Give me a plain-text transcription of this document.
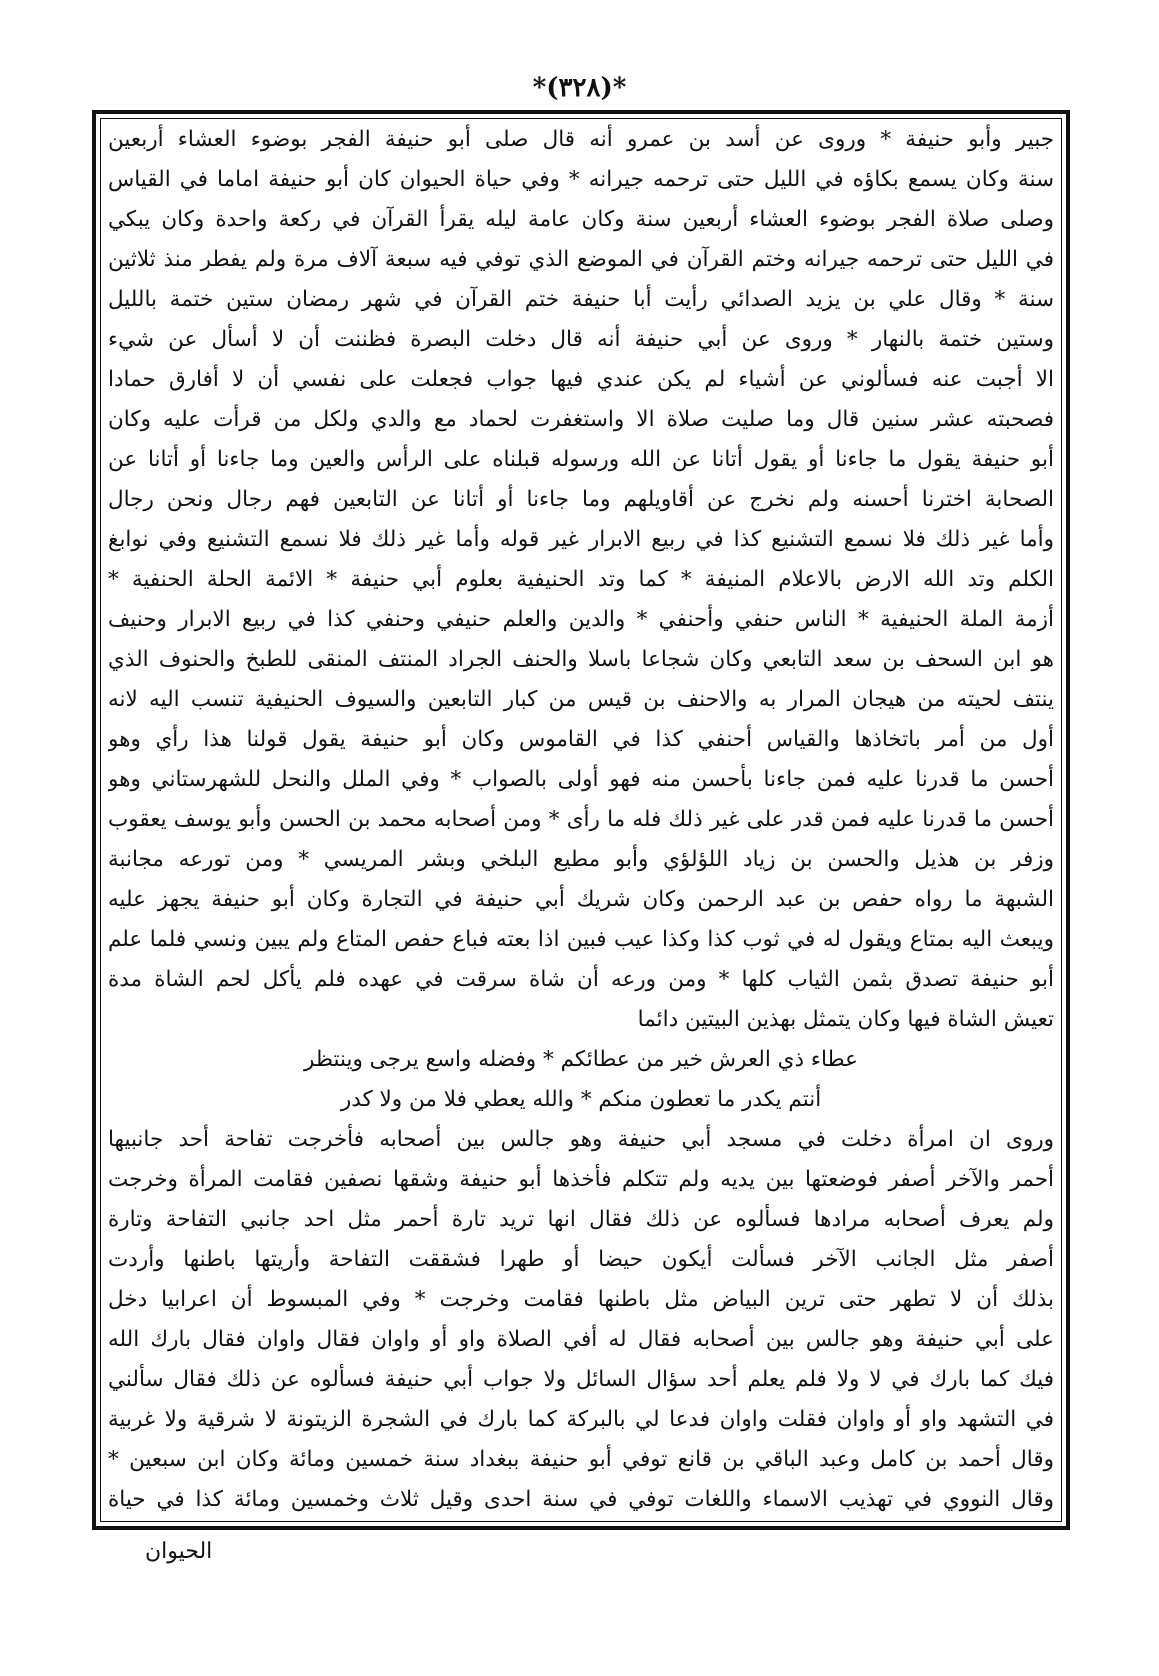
*(٣٢٨)*
جبير وأبو حنيفة * وروى عن أسد بن عمرو أنه قال صلى أبو حنيفة الفجر بوضوء العشاء أربعين
سنة وكان يسمع بكاؤه في الليل حتى ترحمه جيرانه * وفي حياة الحيوان كان أبو حنيفة اماما في القياس
وصلى صلاة الفجر بوضوء العشاء أربعين سنة وكان عامة ليله يقرأ القرآن في ركعة واحدة وكان يبكي
في الليل حتى ترحمه جيرانه وختم القرآن في الموضع الذي توفي فيه سبعة آلاف مرة ولم يفطر منذ ثلاثين
سنة * وقال علي بن يزيد الصدائي رأيت أبا حنيفة ختم القرآن في شهر رمضان ستين ختمة بالليل
وستين ختمة بالنهار * وروى عن أبي حنيفة أنه قال دخلت البصرة فظننت أن لا أسأل عن شيء
الا أجبت عنه فسألوني عن أشياء لم يكن عندي فيها جواب فجعلت على نفسي أن لا أفارق حمادا
فصحبته عشر سنين قال وما صليت صلاة الا واستغفرت لحماد مع والدي ولكل من قرأت عليه وكان
أبو حنيفة يقول ما جاءنا أو يقول أتانا عن الله ورسوله قبلناه على الرأس والعين وما جاءنا أو أتانا عن
الصحابة اخترنا أحسنه ولم نخرج عن أقاويلهم وما جاءنا أو أتانا عن التابعين فهم رجال ونحن رجال
وأما غير ذلك فلا نسمع التشنيع كذا في ربيع الابرار غير قوله وأما غير ذلك فلا نسمع التشنيع وفي نوابغ
الكلم وتد الله الارض بالاعلام المنيفة * كما وتد الحنيفية بعلوم أبي حنيفة * الائمة الحلة الحنفية *
أزمة الملة الحنيفية * الناس حنفي وأحنفي * والدين والعلم حنيفي وحنفي كذا في ربيع الابرار وحنيف
هو ابن السحف بن سعد التابعي وكان شجاعا باسلا والحنف الجراد المنتف المنقى للطبخ والحنوف الذي
ينتف لحيته من هيجان المرار به والاحنف بن قيس من كبار التابعين والسيوف الحنيفية تنسب اليه لانه
أول من أمر باتخاذها والقياس أحنفي كذا في القاموس وكان أبو حنيفة يقول قولنا هذا رأي وهو
أحسن ما قدرنا عليه فمن جاءنا بأحسن منه فهو أولى بالصواب * وفي الملل والنحل للشهرستاني وهو
أحسن ما قدرنا عليه فمن قدر على غير ذلك فله ما رأى * ومن أصحابه محمد بن الحسن وأبو يوسف يعقوب
وزفر بن هذيل والحسن بن زياد اللؤلؤي وأبو مطيع البلخي وبشر المريسي * ومن تورعه مجانبة
الشبهة ما رواه حفص بن عبد الرحمن وكان شريك أبي حنيفة في التجارة وكان أبو حنيفة يجهز عليه
ويبعث اليه بمتاع ويقول له في ثوب كذا وكذا عيب فبين اذا بعته فباع حفص المتاع ولم يبين ونسي فلما علم
أبو حنيفة تصدق بثمن الثياب كلها * ومن ورعه أن شاة سرقت في عهده فلم يأكل لحم الشاة مدة
تعيش الشاة فيها وكان يتمثل بهذين البيتين دائما
عطاء ذي العرش خير من عطائكم * وفضله واسع يرجى وينتظر
أنتم يكدر ما تعطون منكم * والله يعطي فلا من ولا كدر
وروى ان امرأة دخلت في مسجد أبي حنيفة وهو جالس بين أصحابه فأخرجت تفاحة أحد جانبيها
أحمر والآخر أصفر فوضعتها بين يديه ولم تتكلم فأخذها أبو حنيفة وشقها نصفين فقامت المرأة وخرجت
ولم يعرف أصحابه مرادها فسألوه عن ذلك فقال انها تريد تارة أحمر مثل احد جانبي التفاحة وتارة
أصفر مثل الجانب الآخر فسألت أيكون حيضا أو طهرا فشققت التفاحة وأريتها باطنها وأردت
بذلك أن لا تطهر حتى ترين البياض مثل باطنها فقامت وخرجت * وفي المبسوط أن اعرابيا دخل
على أبي حنيفة وهو جالس بين أصحابه فقال له أفي الصلاة واو أو واوان فقال واوان فقال بارك الله
فيك كما بارك في لا ولا فلم يعلم أحد سؤال السائل ولا جواب أبي حنيفة فسألوه عن ذلك فقال سألني
في التشهد واو أو واوان فقلت واوان فدعا لي بالبركة كما بارك في الشجرة الزيتونة لا شرقية ولا غربية
وقال أحمد بن كامل وعبد الباقي بن قانع توفي أبو حنيفة ببغداد سنة خمسين ومائة وكان ابن سبعين *
وقال النووي في تهذيب الاسماء واللغات توفي في سنة احدى وقيل ثلاث وخمسين ومائة كذا في حياة
الحيوان
